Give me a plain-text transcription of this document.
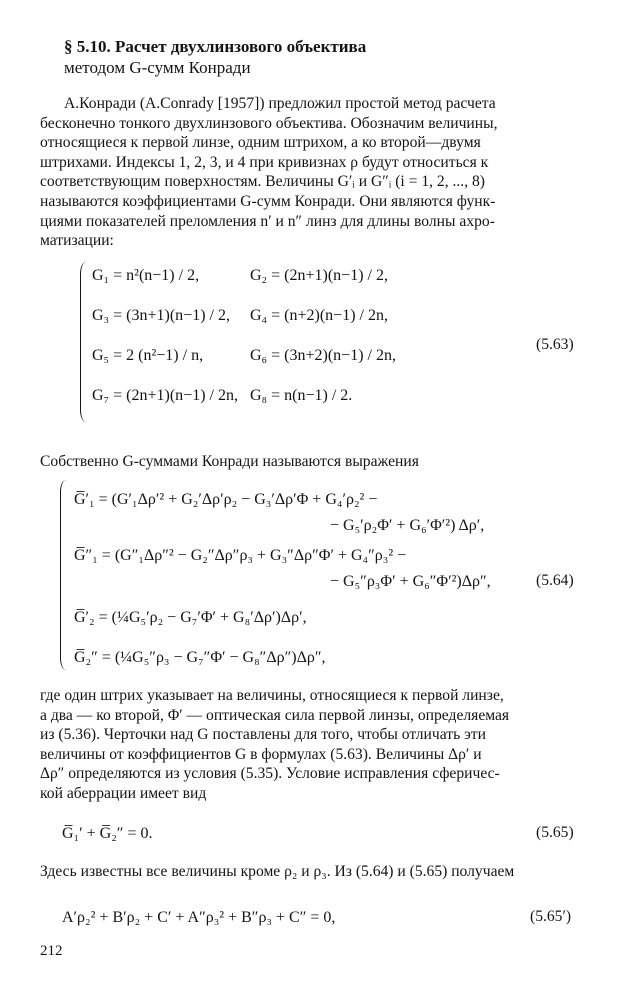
§ 5.10. Расчет двухлинзового объектива
методом G-сумм Конради
А.Конради (A.Conrady [1957]) предложил простой метод расчета
бесконечно тонкого двухлинзового объектива. Обозначим величины,
относящиеся к первой линзе, одним штрихом, а ко второй—двумя
штрихами. Индексы 1, 2, 3, и 4 при кривизнах ρ будут относиться к
соответствующим поверхностям. Величины G′ᵢ и G″ᵢ (i = 1, 2, ..., 8)
называются коэффициентами G-сумм Конради. Они являются функ-
циями показателей преломления n′ и n″ линз для длины волны ахро-
матизации:
G₁ = n²(n−1) / 2,	G₂ = (2n+1)(n−1) / 2,
G₃ = (3n+1)(n−1) / 2, G₄ = (n+2)(n−1) / 2n,
G₅ = 2 (n²−1) / n,	G₆ = (3n+2)(n−1) / 2n,
G₇ = (2n+1)(n−1) / 2n, G₈ = n(n−1) / 2.
(5.63)
Собственно G-суммами Конради называются выражения
G̅′₁ = (G′₁Δρ′² + G₂′Δρ′ρ₂ − G₃′Δρ′Φ + G₄′ρ₂² −
− G₅′ρ₂Φ′ + G₆′Φ′²) Δρ′,
G̅″₁ = (G″₁Δρ″² − G₂″Δρ″ρ₃ + G₃″Δρ″Φ′ + G₄″ρ₃² −
− G₅″ρ₃Φ′ + G₆″Φ′²)Δρ″,
G̅′₂ = (¼G₅′ρ₂ − G₇′Φ′ + G₈′Δρ′)Δρ′,
G̅₂″ = (¼G₅″ρ₃ − G₇″Φ′ − G₈″Δρ″)Δρ″,
(5.64)
где один штрих указывает на величины, относящиеся к первой линзе,
а два — ко второй, Φ′ — оптическая сила первой линзы, определяемая
из (5.36). Черточки над G поставлены для того, чтобы отличать эти
величины от коэффициентов G в формулах (5.63). Величины Δρ′ и
Δρ″ определяются из условия (5.35). Условие исправления сферичес-
кой аберрации имеет вид
G̅₁′ + G̅₂″ = 0.	(5.65)
Здесь известны все величины кроме ρ₂ и ρ₃. Из (5.64) и (5.65) получаем
A′ρ₂² + B′ρ₂ + C′ + A″ρ₃² + B″ρ₃ + C″ = 0,	(5.65′)
212
